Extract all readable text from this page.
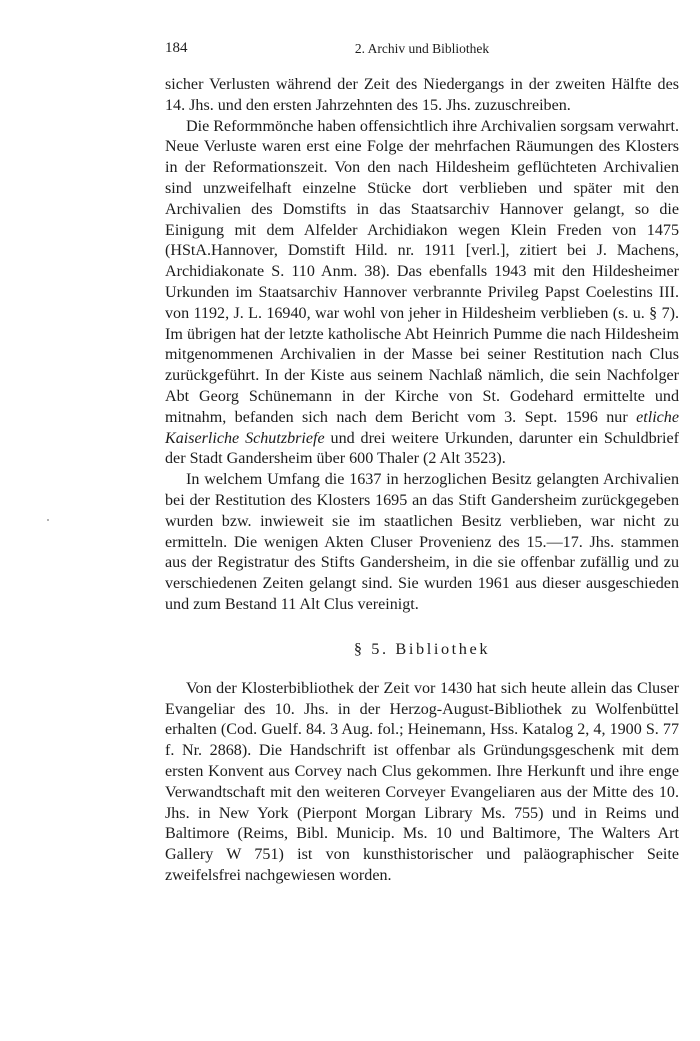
184	2. Archiv und Bibliothek

sicher Verlusten während der Zeit des Niedergangs in der zweiten Hälfte des 14. Jhs. und den ersten Jahrzehnten des 15. Jhs. zuzuschreiben.

Die Reformmönche haben offensichtlich ihre Archivalien sorgsam verwahrt. Neue Verluste waren erst eine Folge der mehrfachen Räumungen des Klosters in der Reformationszeit. Von den nach Hildesheim geflüchteten Archivalien sind unzweifelhaft einzelne Stücke dort verblieben und später mit den Archivalien des Domstifts in das Staatsarchiv Hannover gelangt, so die Einigung mit dem Alfelder Archidiakon wegen Klein Freden von 1475 (HStA.Hannover, Domstift Hild. nr. 1911 [verl.], zitiert bei J. Machens, Archidiakonate S. 110 Anm. 38). Das ebenfalls 1943 mit den Hildesheimer Urkunden im Staatsarchiv Hannover verbrannte Privileg Papst Coelestins III. von 1192, J. L. 16940, war wohl von jeher in Hildesheim verblieben (s. u. § 7). Im übrigen hat der letzte katholische Abt Heinrich Pumme die nach Hildesheim mitgenommenen Archivalien in der Masse bei seiner Restitution nach Clus zurückgeführt. In der Kiste aus seinem Nachlaß nämlich, die sein Nachfolger Abt Georg Schünemann in der Kirche von St. Godehard ermittelte und mitnahm, befanden sich nach dem Bericht vom 3. Sept. 1596 nur etliche Kaiserliche Schutzbriefe und drei weitere Urkunden, darunter ein Schuldbrief der Stadt Gandersheim über 600 Thaler (2 Alt 3523).

In welchem Umfang die 1637 in herzoglichen Besitz gelangten Archivalien bei der Restitution des Klosters 1695 an das Stift Gandersheim zurückgegeben wurden bzw. inwieweit sie im staatlichen Besitz verblieben, war nicht zu ermitteln. Die wenigen Akten Cluser Provenienz des 15.—17. Jhs. stammen aus der Registratur des Stifts Gandersheim, in die sie offenbar zufällig und zu verschiedenen Zeiten gelangt sind. Sie wurden 1961 aus dieser ausgeschieden und zum Bestand 11 Alt Clus vereinigt.

§ 5. Bibliothek

Von der Klosterbibliothek der Zeit vor 1430 hat sich heute allein das Cluser Evangeliar des 10. Jhs. in der Herzog-August-Bibliothek zu Wolfenbüttel erhalten (Cod. Guelf. 84. 3 Aug. fol.; Heinemann, Hss. Katalog 2, 4, 1900 S. 77 f. Nr. 2868). Die Handschrift ist offenbar als Gründungsgeschenk mit dem ersten Konvent aus Corvey nach Clus gekommen. Ihre Herkunft und ihre enge Verwandtschaft mit den weiteren Corveyer Evangeliaren aus der Mitte des 10. Jhs. in New York (Pierpont Morgan Library Ms. 755) und in Reims und Baltimore (Reims, Bibl. Municip. Ms. 10 und Baltimore, The Walters Art Gallery W 751) ist von kunsthistorischer und paläographischer Seite zweifelsfrei nachgewiesen worden.
